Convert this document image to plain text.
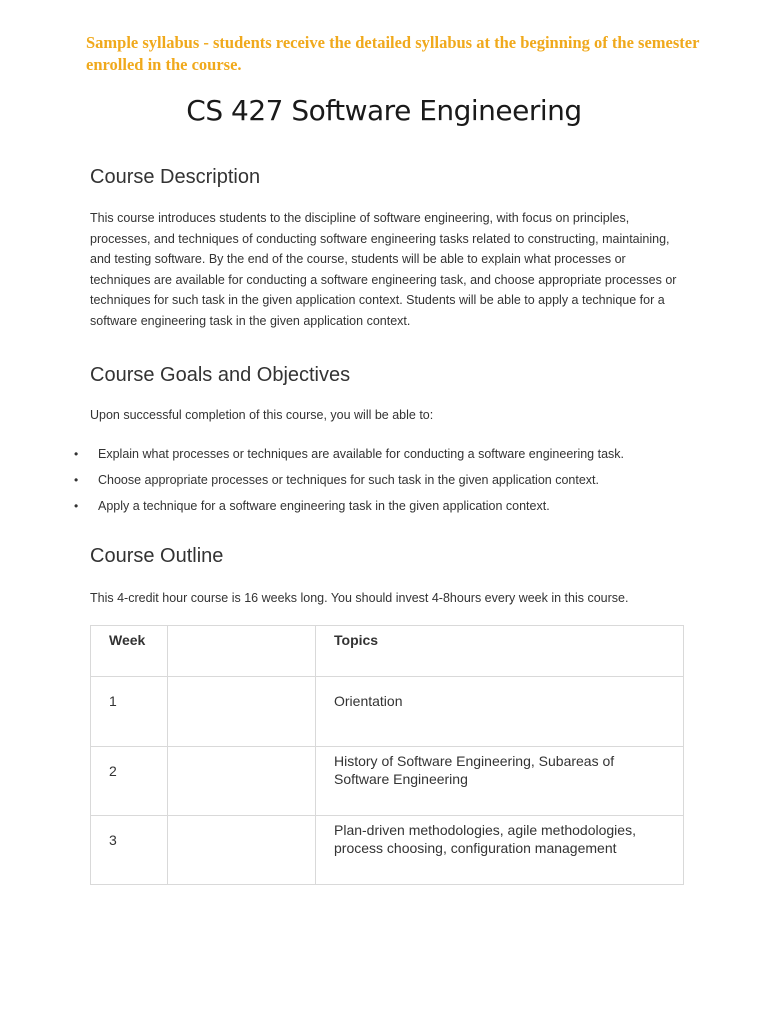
Sample syllabus - students receive the detailed syllabus at the beginning of the semester enrolled in the course.
CS 427 Software Engineering
Course Description

This course introduces students to the discipline of software engineering, with focus on principles, processes, and techniques of conducting software engineering tasks related to constructing, maintaining, and testing software. By the end of the course, students will be able to explain what processes or techniques are available for conducting a software engineering task, and choose appropriate processes or techniques for such task in the given application context. Students will be able to apply a technique for a software engineering task in the given application context.

Course Goals and Objectives

Upon successful completion of this course, you will be able to:

• Explain what processes or techniques are available for conducting a software engineering task.
• Choose appropriate processes or techniques for such task in the given application context.
• Apply a technique for a software engineering task in the given application context.
Course Outline

This 4-credit hour course is 16 weeks long. You should invest 4-8hours every week in this course.

Week		Topics
1		Orientation
2		History of Software Engineering, Subareas of Software Engineering
3		Plan-driven methodologies, agile methodologies, process choosing, configuration management
